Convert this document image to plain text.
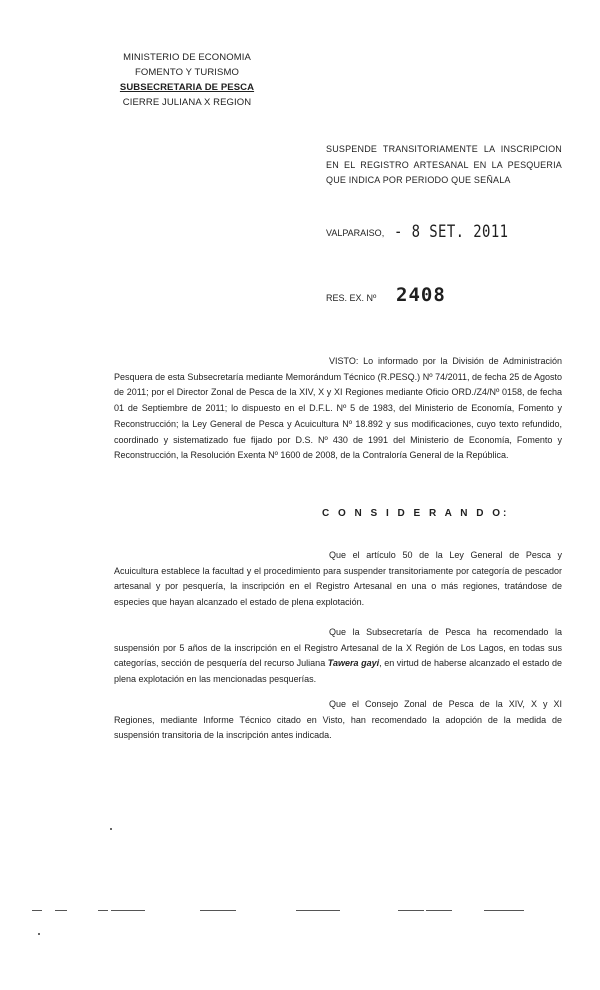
MINISTERIO DE ECONOMIA
FOMENTO Y TURISMO
SUBSECRETARIA DE PESCA
CIERRE JULIANA X REGION
SUSPENDE TRANSITORIAMENTE LA INSCRIPCION EN EL REGISTRO ARTESANAL EN LA PESQUERIA QUE INDICA POR PERIODO QUE SEÑALA
VALPARAISO, - 8 SET. 2011
RES. EX. Nº 2408
VISTO: Lo informado por la División de Administración Pesquera de esta Subsecretaría mediante Memorándum Técnico (R.PESQ.) Nº 74/2011, de fecha 25 de Agosto de 2011; por el Director Zonal de Pesca de la XIV, X y XI Regiones mediante Oficio ORD./Z4/Nº 0158, de fecha 01 de Septiembre de 2011; lo dispuesto en el D.F.L. Nº 5 de 1983, del Ministerio de Economía, Fomento y Reconstrucción; la Ley General de Pesca y Acuicultura Nº 18.892 y sus modificaciones, cuyo texto refundido, coordinado y sistematizado fue fijado por D.S. Nº 430 de 1991 del Ministerio de Economía, Fomento y Reconstrucción, la Resolución Exenta Nº 1600 de 2008, de la Contraloría General de la República.
C O N S I D E R A N D O:
Que el artículo 50 de la Ley General de Pesca y Acuicultura establece la facultad y el procedimiento para suspender transitoriamente por categoría de pescador artesanal y por pesquería, la inscripción en el Registro Artesanal en una o más regiones, tratándose de especies que hayan alcanzado el estado de plena explotación.
Que la Subsecretaría de Pesca ha recomendado la suspensión por 5 años de la inscripción en el Registro Artesanal de la X Región de Los Lagos, en todas sus categorías, sección de pesquería del recurso Juliana Tawera gayi, en virtud de haberse alcanzado el estado de plena explotación en las mencionadas pesquerías.
Que el Consejo Zonal de Pesca de la XIV, X y XI Regiones, mediante Informe Técnico citado en Visto, han recomendado la adopción de la medida de suspensión transitoria de la inscripción antes indicada.
